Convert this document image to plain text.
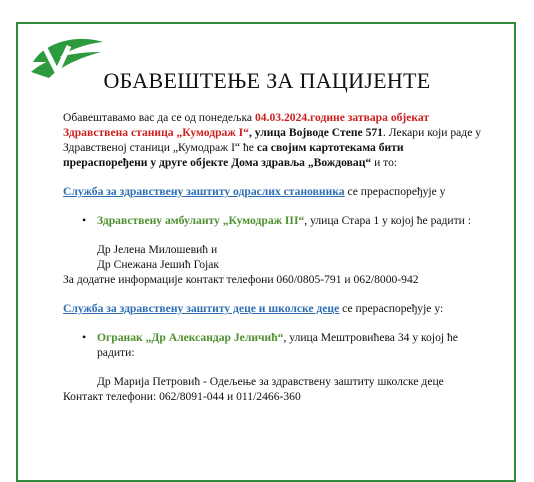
ОБАВЕШТЕЊЕ ЗА ПАЦИЈЕНТЕ

Обавештавамо вас да се од понедељка 04.03.2024.године затвара објекат Здравствена станица „Кумодраж I“, улица Војводе Степе 571. Лекари који раде у Здравственој станици „Кумодраж I“ ће са својим картотекама бити прераспоређени у друге објекте Дома здравља „Вождовац“ и то:

Служба за здравствену заштиту одраслих становника се прераспоређује у

• Здравствену амбуланту „Кумодраж III“, улица Стара 1 у којој ће радити :

Др Јелена Милошевић и

Др Снежана Јешић Гојак

За додатне информације контакт телефони 060/0805-791 и 062/8000-942

Служба за здравствену заштиту деце и школске деце се прераспоређује у:

• Огранак „Др Александар Јеличић“, улица Мештровићева 34 у којој ће радити:

Др Марија Петровић - Одељење за здравствену заштиту школске деце

Контакт телефони: 062/8091-044 и 011/2466-360
